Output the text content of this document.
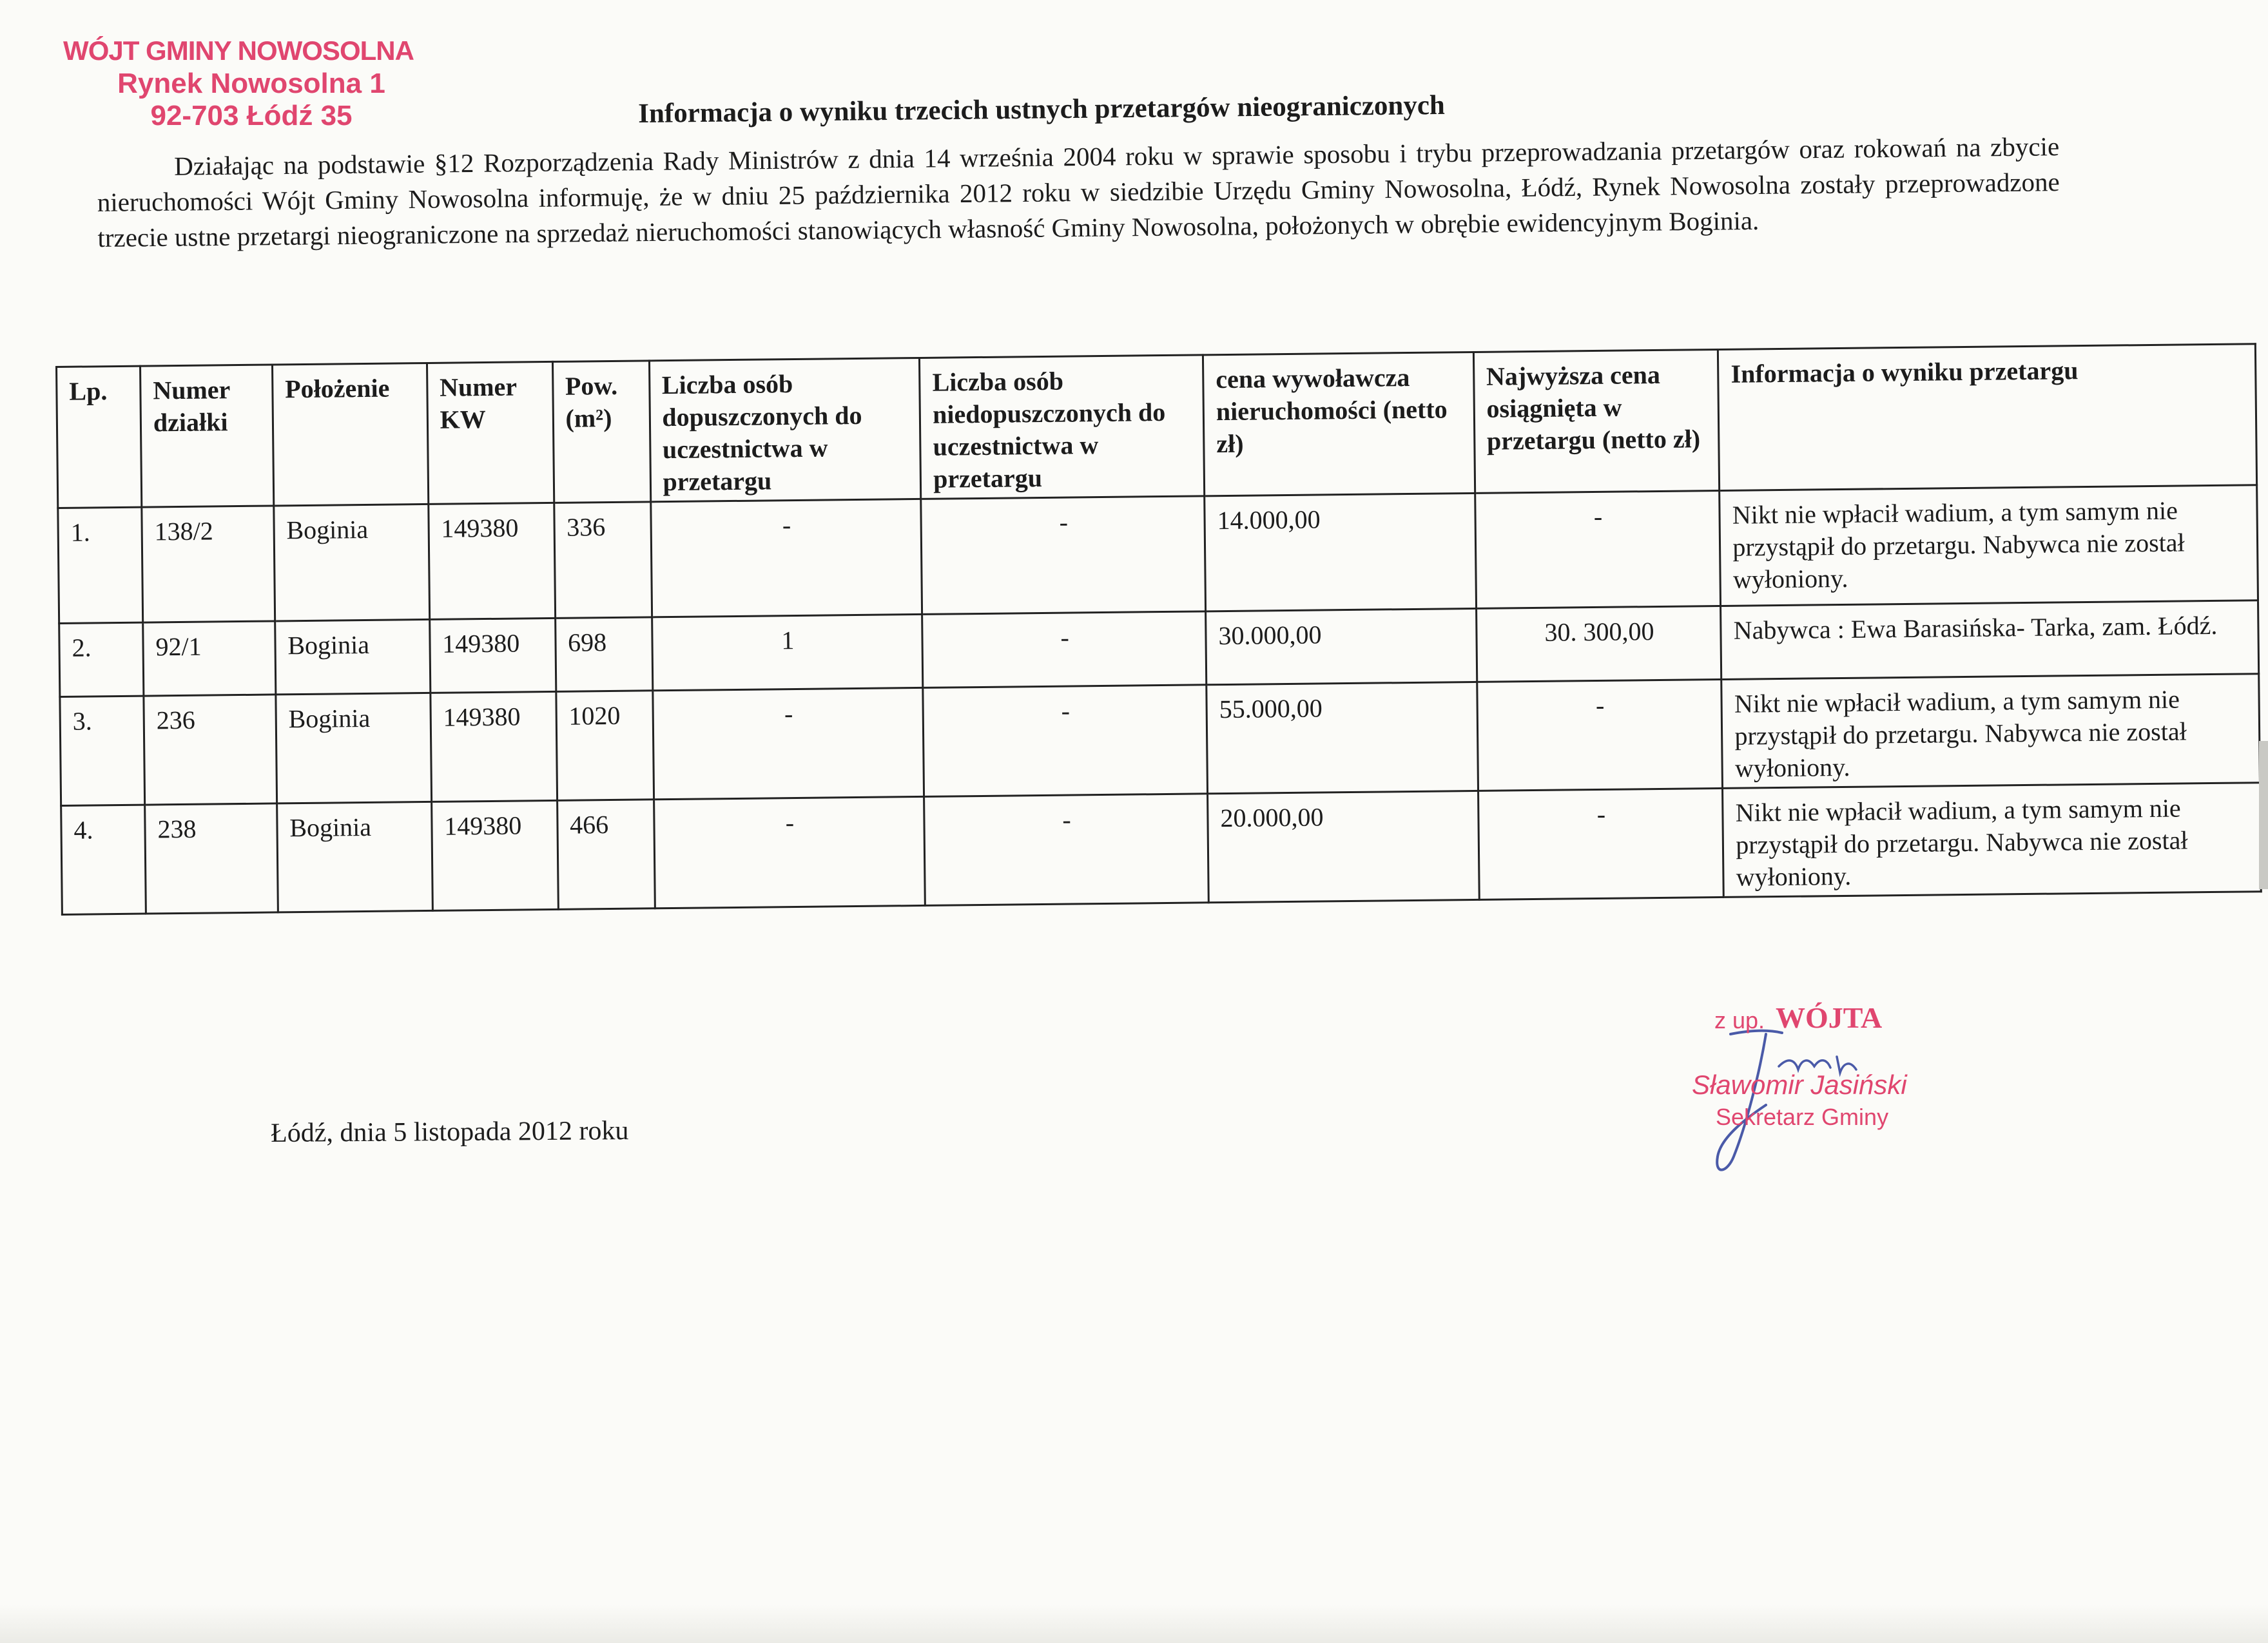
WÓJT GMINY NOWOSOLNA
Rynek Nowosolna 1
92-703 Łódź 35	Informacja o wyniku trzecich ustnych przetargów nieograniczonych
Działając na podstawie §12 Rozporządzenia Rady Ministrów z dnia 14 września 2004 roku w sprawie sposobu i trybu przeprowadzania przetargów oraz rokowań na zbycie nieruchomości Wójt Gminy Nowosolna informuję, że w dniu 25 października 2012 roku w siedzibie Urzędu Gminy Nowosolna, Łódź, Rynek Nowosolna zostały przeprowadzone trzecie ustne przetargi nieograniczone na sprzedaż nieruchomości stanowiących własność Gminy Nowosolna, położonych w obrębie ewidencyjnym Boginia.
Lp.	Numer działki	Położenie	Numer KW	Pow. (m²)	Liczba osób dopuszczonych do uczestnictwa w przetargu	Liczba osób niedopuszczonych do uczestnictwa w przetargu	cena wywoławcza nieruchomości (netto zł)	Najwyższa cena osiągnięta w przetargu (netto zł)	Informacja o wyniku przetargu
1.	138/2	Boginia	149380	336	-	-	14.000,00	-	Nikt nie wpłacił wadium, a tym samym nie przystąpił do przetargu. Nabywca nie został wyłoniony.
2.	92/1	Boginia	149380	698	1	-	30.000,00	30. 300,00	Nabywca : Ewa Barasińska- Tarka, zam. Łódź.
3.	236	Boginia	149380	1020	-	-	55.000,00	-	Nikt nie wpłacił wadium, a tym samym nie przystąpił do przetargu. Nabywca nie został wyłoniony.
4.	238	Boginia	149380	466	-	-	20.000,00	-	Nikt nie wpłacił wadium, a tym samym nie przystąpił do przetargu. Nabywca nie został wyłoniony.
Łódź, dnia 5 listopada 2012 roku
z up. WÓJTA
Sławomir Jasiński
Sekretarz Gminy
